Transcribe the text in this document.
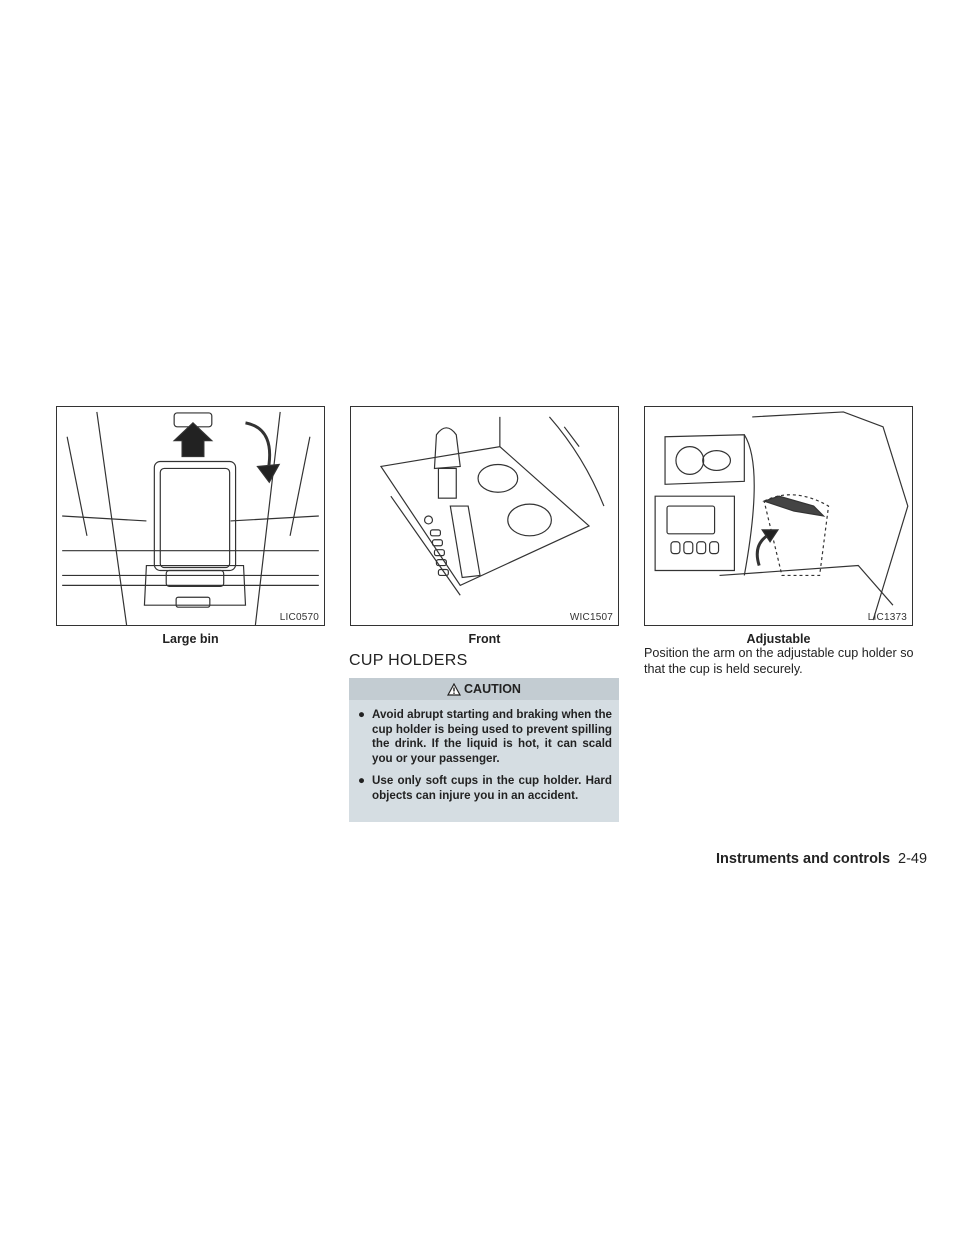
LIC0570
Large bin
WIC1507
Front
LIC1373
Adjustable
CUP HOLDERS
CAUTION
● Avoid abrupt starting and braking when the cup holder is being used to prevent spilling the drink. If the liquid is hot, it can scald you or your passenger.
● Use only soft cups in the cup holder. Hard objects can injure you in an accident.
Position the arm on the adjustable cup holder so that the cup is held securely.
Instruments and controls 2-49
